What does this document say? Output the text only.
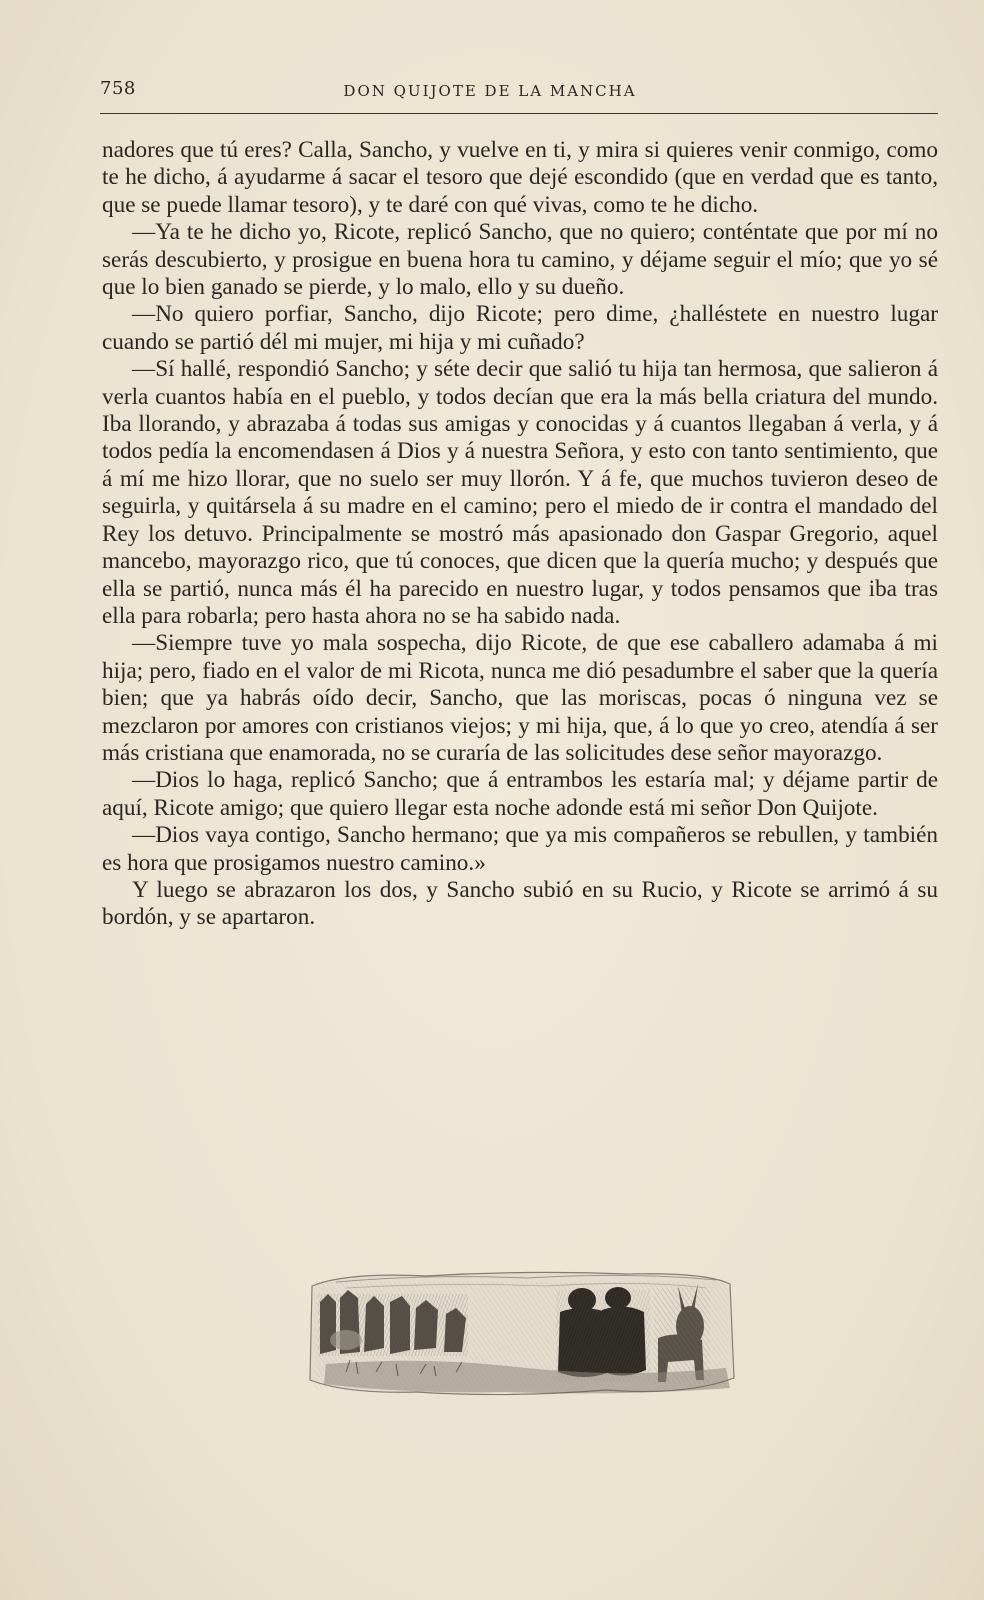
758	DON QUIJOTE DE LA MANCHA

nadores que tú eres? Calla, Sancho, y vuelve en ti, y mira si quieres venir conmigo, como te he dicho, á ayudarme á sacar el tesoro que dejé escondido (que en verdad que es tanto, que se puede llamar tesoro), y te daré con qué vivas, como te he dicho.

—Ya te he dicho yo, Ricote, replicó Sancho, que no quiero; conténtate que por mí no serás descubierto, y prosigue en buena hora tu camino, y déjame seguir el mío; que yo sé que lo bien ganado se pierde, y lo malo, ello y su dueño.

—No quiero porfiar, Sancho, dijo Ricote; pero dime, ¿halléstete en nuestro lugar cuando se partió dél mi mujer, mi hija y mi cuñado?

—Sí hallé, respondió Sancho; y séte decir que salió tu hija tan hermosa, que salieron á verla cuantos había en el pueblo, y todos decían que era la más bella criatura del mundo. Iba llorando, y abrazaba á todas sus amigas y conocidas y á cuantos llegaban á verla, y á todos pedía la encomendasen á Dios y á nuestra Señora, y esto con tanto sentimiento, que á mí me hizo llorar, que no suelo ser muy llorón. Y á fe, que muchos tuvieron deseo de seguirla, y quitársela á su madre en el camino; pero el miedo de ir contra el mandado del Rey los detuvo. Principalmente se mostró más apasionado don Gaspar Gregorio, aquel mancebo, mayorazgo rico, que tú conoces, que dicen que la quería mucho; y después que ella se partió, nunca más él ha parecido en nuestro lugar, y todos pensamos que iba tras ella para robarla; pero hasta ahora no se ha sabido nada.

—Siempre tuve yo mala sospecha, dijo Ricote, de que ese caballero adamaba á mi hija; pero, fiado en el valor de mi Ricota, nunca me dió pesadumbre el saber que la quería bien; que ya habrás oído decir, Sancho, que las moriscas, pocas ó ninguna vez se mezclaron por amores con cristianos viejos; y mi hija, que, á lo que yo creo, atendía á ser más cristiana que enamorada, no se curaría de las solicitudes dese señor mayorazgo.

—Dios lo haga, replicó Sancho; que á entrambos les estaría mal; y déjame partir de aquí, Ricote amigo; que quiero llegar esta noche adonde está mi señor Don Quijote.

—Dios vaya contigo, Sancho hermano; que ya mis compañeros se rebullen, y también es hora que prosigamos nuestro camino.»

Y luego se abrazaron los dos, y Sancho subió en su Rucio, y Ricote se arrimó á su bordón, y se apartaron.
